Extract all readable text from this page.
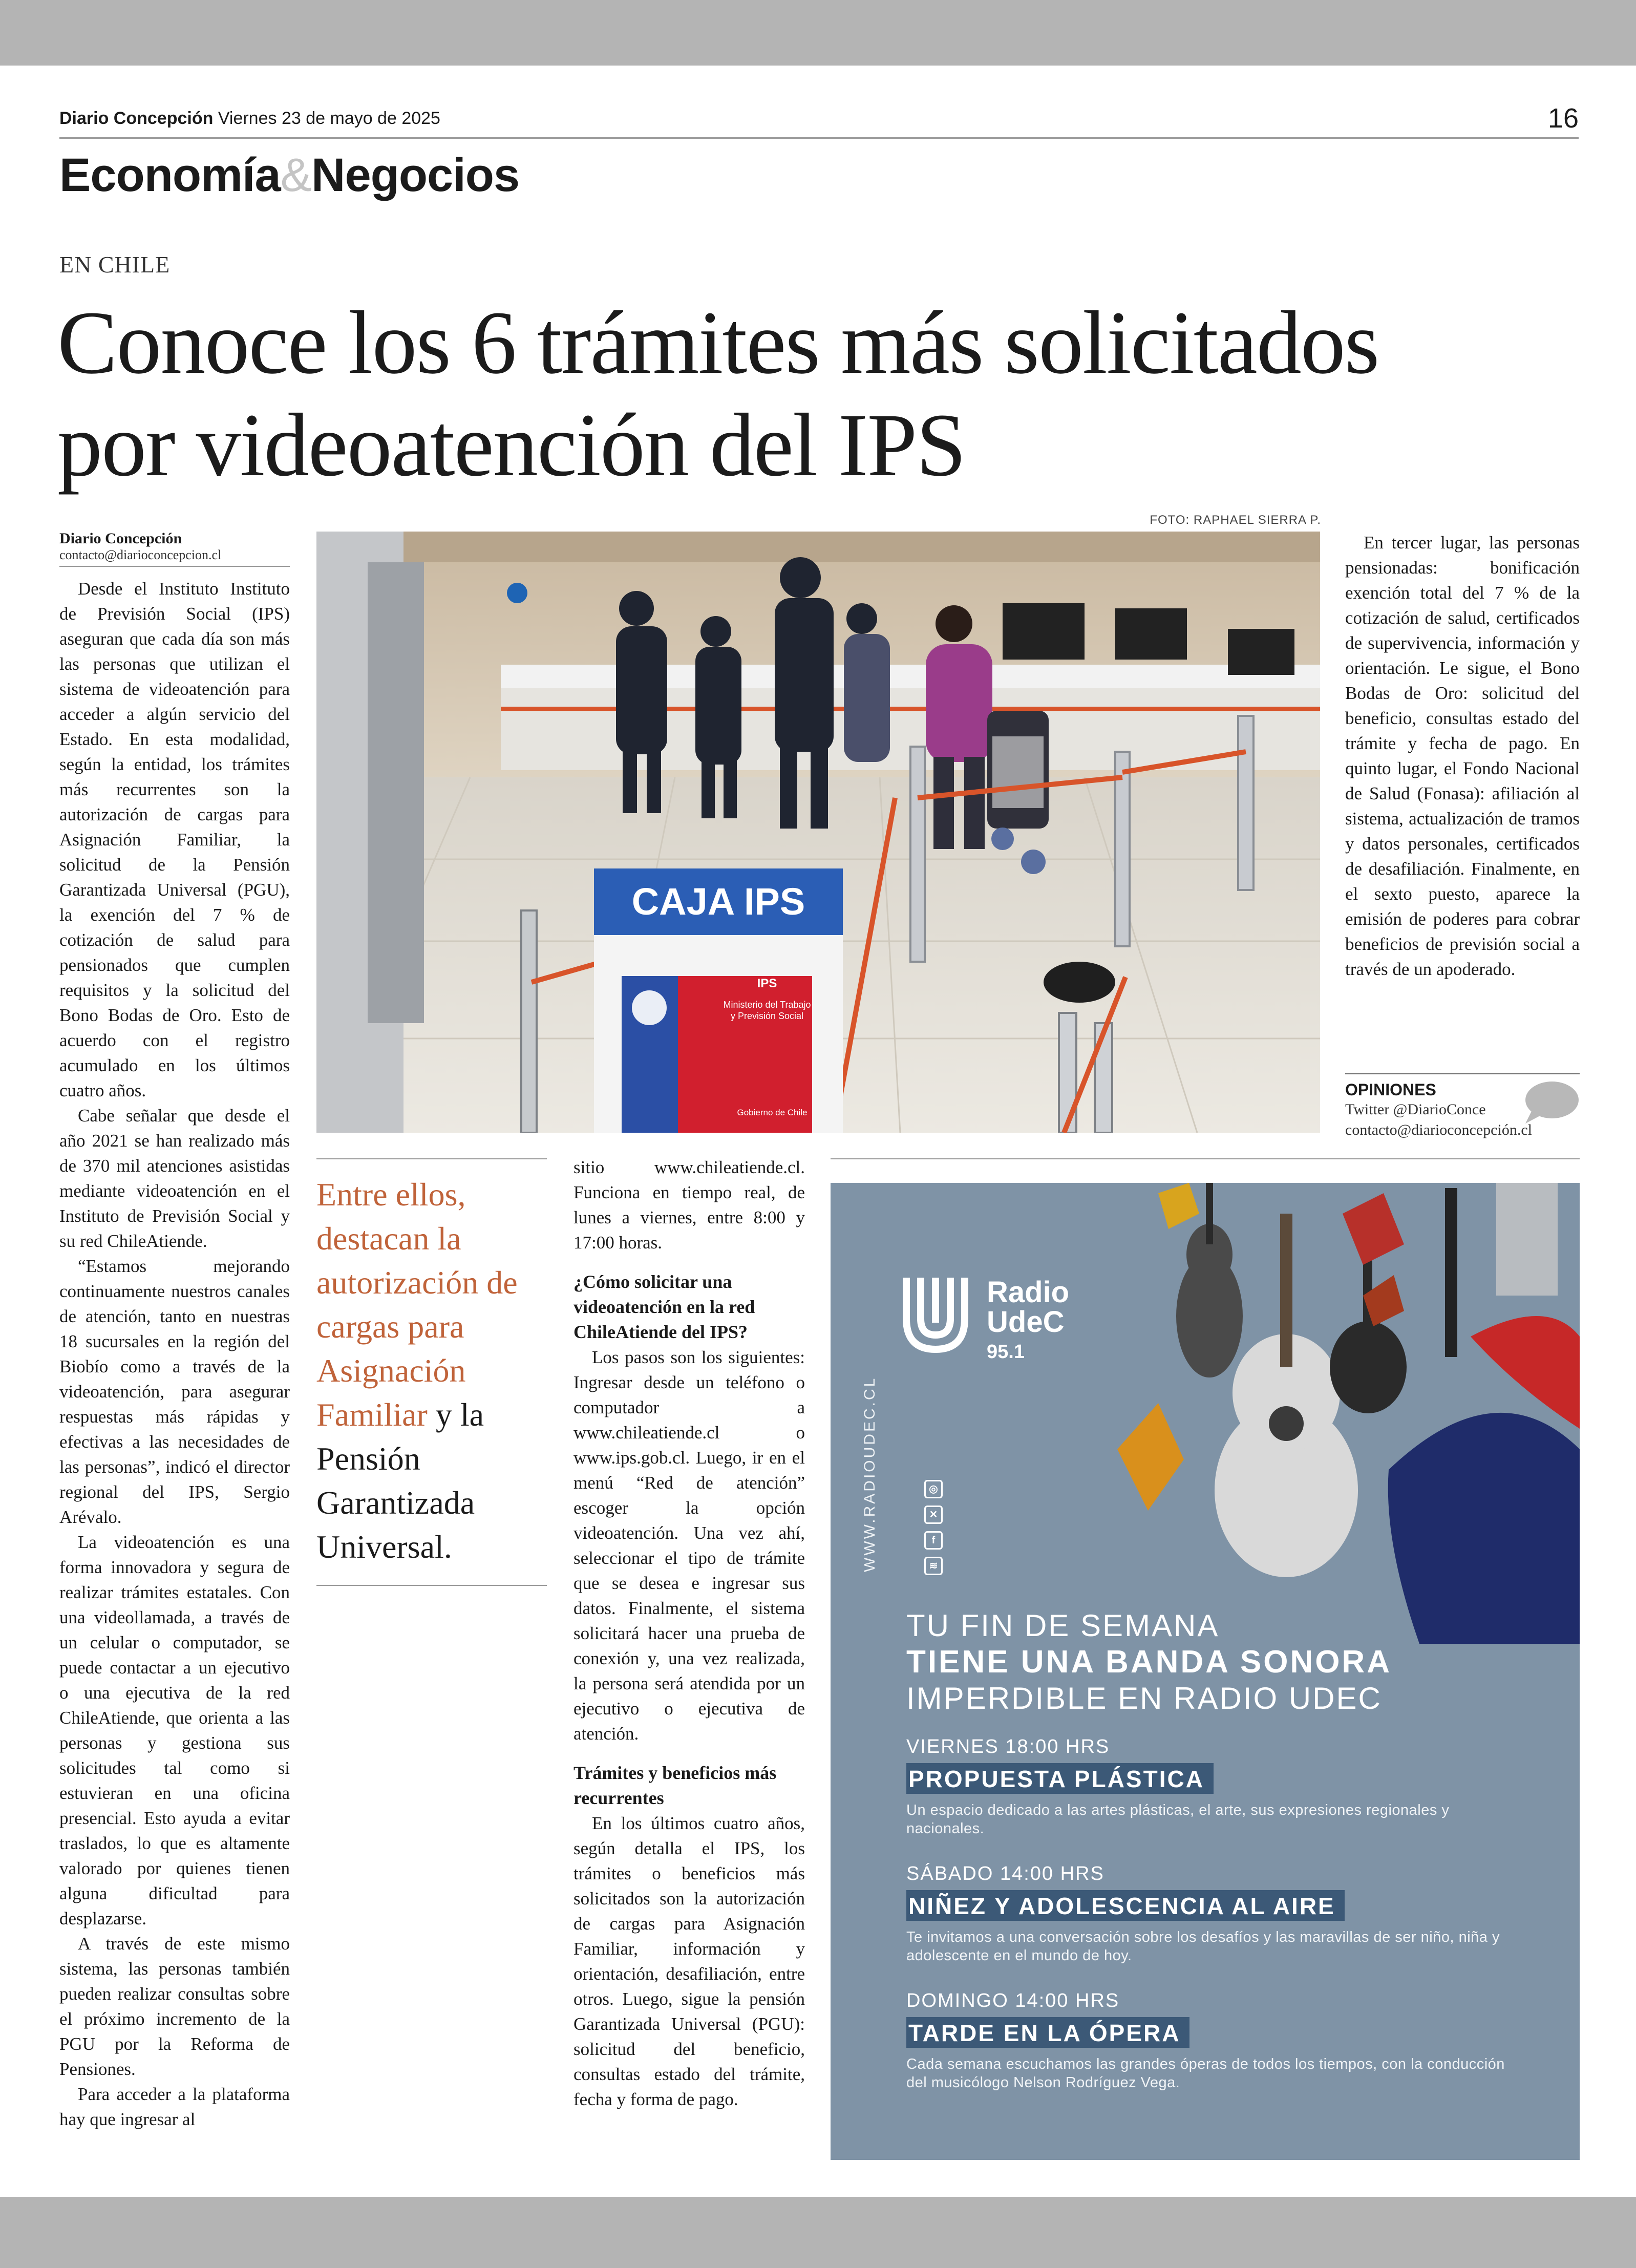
Diario Concepción Viernes 23 de mayo de 2025	16
Economía&Negocios
EN CHILE
Conoce los 6 trámites más solicitados
por videoatención del IPS
Diario Concepción
contacto@diarioconcepcion.cl

Desde el Instituto Instituto de Previsión Social (IPS) aseguran que cada día son más las personas que utilizan el sistema de videoatención para acceder a algún servicio del Estado. En esta modalidad, según la entidad, los trámites más recurrentes son la autorización de cargas para Asignación Familiar, la solicitud de la Pensión Garantizada Universal (PGU), la exención del 7 % de cotización de salud para pensionados que cumplen requisitos y la solicitud del Bono Bodas de Oro. Esto de acuerdo con el registro acumulado en los últimos cuatro años.

Cabe señalar que desde el año 2021 se han realizado más de 370 mil atenciones asistidas mediante videoatención en el Instituto de Previsión Social y su red ChileAtiende.

“Estamos mejorando continuamente nuestros canales de atención, tanto en nuestras 18 sucursales en la región del Biobío como a través de la videoatención, para asegurar respuestas más rápidas y efectivas a las necesidades de las personas”, indicó el director regional del IPS, Sergio Arévalo.

La videoatención es una forma innovadora y segura de realizar trámites estatales. Con una videollamada, a través de un celular o computador, se puede contactar a un ejecutivo o una ejecutiva de la red ChileAtiende, que orienta a las personas y gestiona sus solicitudes tal como si estuvieran en una oficina presencial. Esto ayuda a evitar traslados, lo que es altamente valorado por quienes tienen alguna dificultad para desplazarse.

A través de este mismo sistema, las personas también pueden realizar consultas sobre el próximo incremento de la PGU por la Reforma de Pensiones.

Para acceder a la plataforma hay que ingresar al

FOTO: RAPHAEL SIERRA P.
CAJA IPS
IPS
Ministerio del Trabajo
y Previsión Social
Gobierno de Chile
Entre ellos, destacan la autorización de cargas para Asignación Familiar y la Pensión Garantizada Universal.

sitio www.chileatiende.cl. Funciona en tiempo real, de lunes a viernes, entre 8:00 y 17:00 horas.

¿Cómo solicitar una videoatención en la red ChileAtiende del IPS?

Los pasos son los siguientes: Ingresar desde un teléfono o computador a www.chileatiende.cl o www.ips.gob.cl. Luego, ir en el menú “Red de atención” escoger la opción videoatención. Una vez ahí, seleccionar el tipo de trámite que se desea e ingresar sus datos. Finalmente, el sistema solicitará hacer una prueba de conexión y, una vez realizada, la persona será atendida por un ejecutivo o ejecutiva de atención.

Trámites y beneficios más recurrentes

En los últimos cuatro años, según detalla el IPS, los trámites o beneficios más solicitados son la autorización de cargas para Asignación Familiar, información y orientación, desafiliación, entre otros. Luego, sigue la pensión Garantizada Universal (PGU): solicitud del beneficio, consultas estado del trámite, fecha y forma de pago.

En tercer lugar, las personas pensionadas: bonificación exención total del 7 % de la cotización de salud, certificados de supervivencia, información y orientación. Le sigue, el Bono Bodas de Oro: solicitud del beneficio, consultas estado del trámite y fecha de pago. En quinto lugar, el Fondo Nacional de Salud (Fonasa): afiliación al sistema, actualización de tramos y datos personales, certificados de desafiliación. Finalmente, en el sexto puesto, aparece la emisión de poderes para cobrar beneficios de previsión social a través de un apoderado.

OPINIONES
Twitter @DiarioConce
contacto@diarioconcepción.cl
Radio
UdeC
95.1
WWW.RADIOUDEC.CL	◎
✕
f
≋
TU FIN DE SEMANA
TIENE UNA BANDA SONORA
IMPERDIBLE EN RADIO UDEC
VIERNES 18:00 HRS
PROPUESTA PLÁSTICA
Un espacio dedicado a las artes plásticas, el arte, sus expresiones regionales y nacionales.
SÁBADO 14:00 HRS
NIÑEZ Y ADOLESCENCIA AL AIRE
Te invitamos a una conversación sobre los desafíos y las maravillas de ser niño, niña y adolescente en el mundo de hoy.
DOMINGO 14:00 HRS
TARDE EN LA ÓPERA
Cada semana escuchamos las grandes óperas de todos los tiempos, con la conducción del musicólogo Nelson Rodríguez Vega.
